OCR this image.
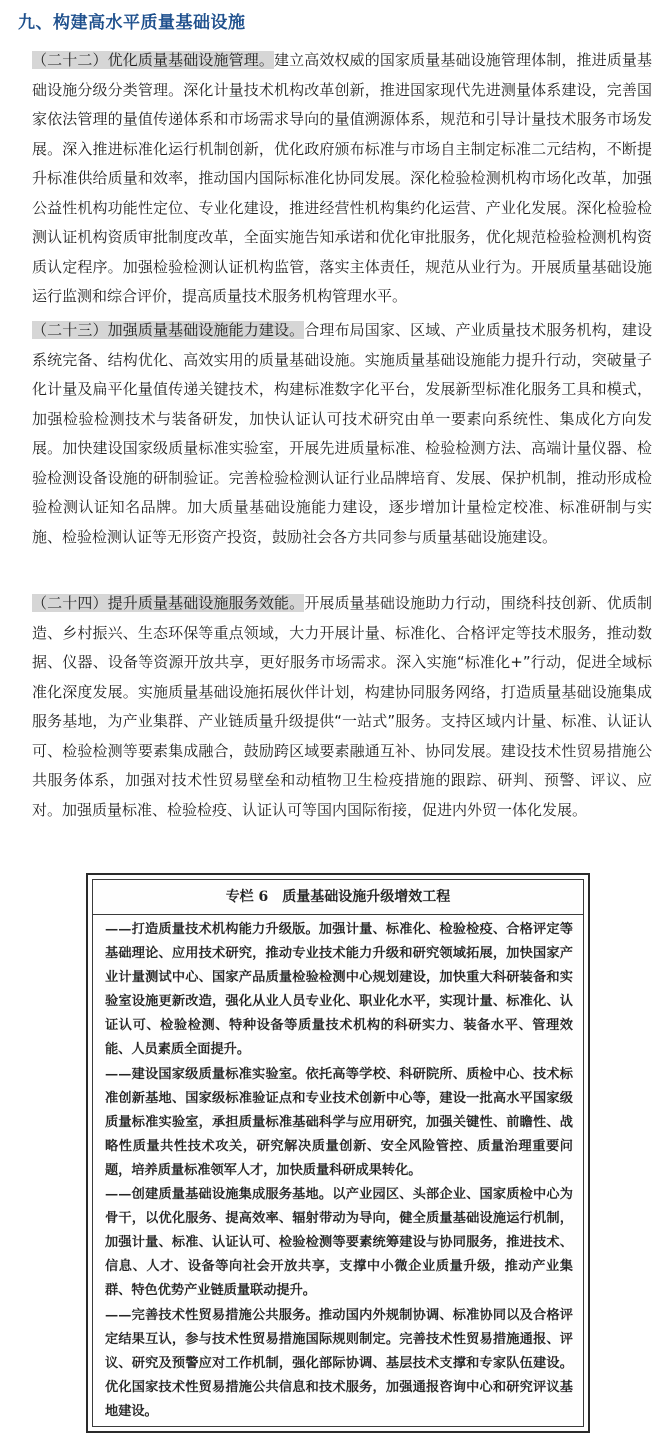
九、构建高水平质量基础设施

（二十二）优化质量基础设施管理。建立高效权威的国家质量基础设施管理体制，推进质量基础设施分级分类管理。深化计量技术机构改革创新，推进国家现代先进测量体系建设，完善国家依法管理的量值传递体系和市场需求导向的量值溯源体系，规范和引导计量技术服务市场发展。深入推进标准化运行机制创新，优化政府颁布标准与市场自主制定标准二元结构，不断提升标准供给质量和效率，推动国内国际标准化协同发展。深化检验检测机构市场化改革，加强公益性机构功能性定位、专业化建设，推进经营性机构集约化运营、产业化发展。深化检验检测认证机构资质审批制度改革，全面实施告知承诺和优化审批服务，优化规范检验检测机构资质认定程序。加强检验检测认证机构监管，落实主体责任，规范从业行为。开展质量基础设施运行监测和综合评价，提高质量技术服务机构管理水平。

（二十三）加强质量基础设施能力建设。合理布局国家、区域、产业质量技术服务机构，建设系统完备、结构优化、高效实用的质量基础设施。实施质量基础设施能力提升行动，突破量子化计量及扁平化量值传递关键技术，构建标准数字化平台，发展新型标准化服务工具和模式，加强检验检测技术与装备研发，加快认证认可技术研究由单一要素向系统性、集成化方向发展。加快建设国家级质量标准实验室，开展先进质量标准、检验检测方法、高端计量仪器、检验检测设备设施的研制验证。完善检验检测认证行业品牌培育、发展、保护机制，推动形成检验检测认证知名品牌。加大质量基础设施能力建设，逐步增加计量检定校准、标准研制与实施、检验检测认证等无形资产投资，鼓励社会各方共同参与质量基础设施建设。

（二十四）提升质量基础设施服务效能。开展质量基础设施助力行动，围绕科技创新、优质制造、乡村振兴、生态环保等重点领域，大力开展计量、标准化、合格评定等技术服务，推动数据、仪器、设备等资源开放共享，更好服务市场需求。深入实施“标准化+”行动，促进全域标准化深度发展。实施质量基础设施拓展伙伴计划，构建协同服务网络，打造质量基础设施集成服务基地，为产业集群、产业链质量升级提供“一站式”服务。支持区域内计量、标准、认证认可、检验检测等要素集成融合，鼓励跨区域要素融通互补、协同发展。建设技术性贸易措施公共服务体系，加强对技术性贸易壁垒和动植物卫生检疫措施的跟踪、研判、预警、评议、应对。加强质量标准、检验检疫、认证认可等国内国际衔接，促进内外贸一体化发展。

专栏 6　质量基础设施升级增效工程

——打造质量技术机构能力升级版。加强计量、标准化、检验检疫、合格评定等基础理论、应用技术研究，推动专业技术能力升级和研究领域拓展，加快国家产业计量测试中心、国家产品质量检验检测中心规划建设，加快重大科研装备和实验室设施更新改造，强化从业人员专业化、职业化水平，实现计量、标准化、认证认可、检验检测、特种设备等质量技术机构的科研实力、装备水平、管理效能、人员素质全面提升。

——建设国家级质量标准实验室。依托高等学校、科研院所、质检中心、技术标准创新基地、国家级标准验证点和专业技术创新中心等，建设一批高水平国家级质量标准实验室，承担质量标准基础科学与应用研究，加强关键性、前瞻性、战略性质量共性技术攻关，研究解决质量创新、安全风险管控、质量治理重要问题，培养质量标准领军人才，加快质量科研成果转化。

——创建质量基础设施集成服务基地。以产业园区、头部企业、国家质检中心为骨干，以优化服务、提高效率、辐射带动为导向，健全质量基础设施运行机制，加强计量、标准、认证认可、检验检测等要素统筹建设与协同服务，推进技术、信息、人才、设备等向社会开放共享，支撑中小微企业质量升级，推动产业集群、特色优势产业链质量联动提升。

——完善技术性贸易措施公共服务。推动国内外规制协调、标准协同以及合格评定结果互认，参与技术性贸易措施国际规则制定。完善技术性贸易措施通报、评议、研究及预警应对工作机制，强化部际协调、基层技术支撑和专家队伍建设。优化国家技术性贸易措施公共信息和技术服务，加强通报咨询中心和研究评议基地建设。
